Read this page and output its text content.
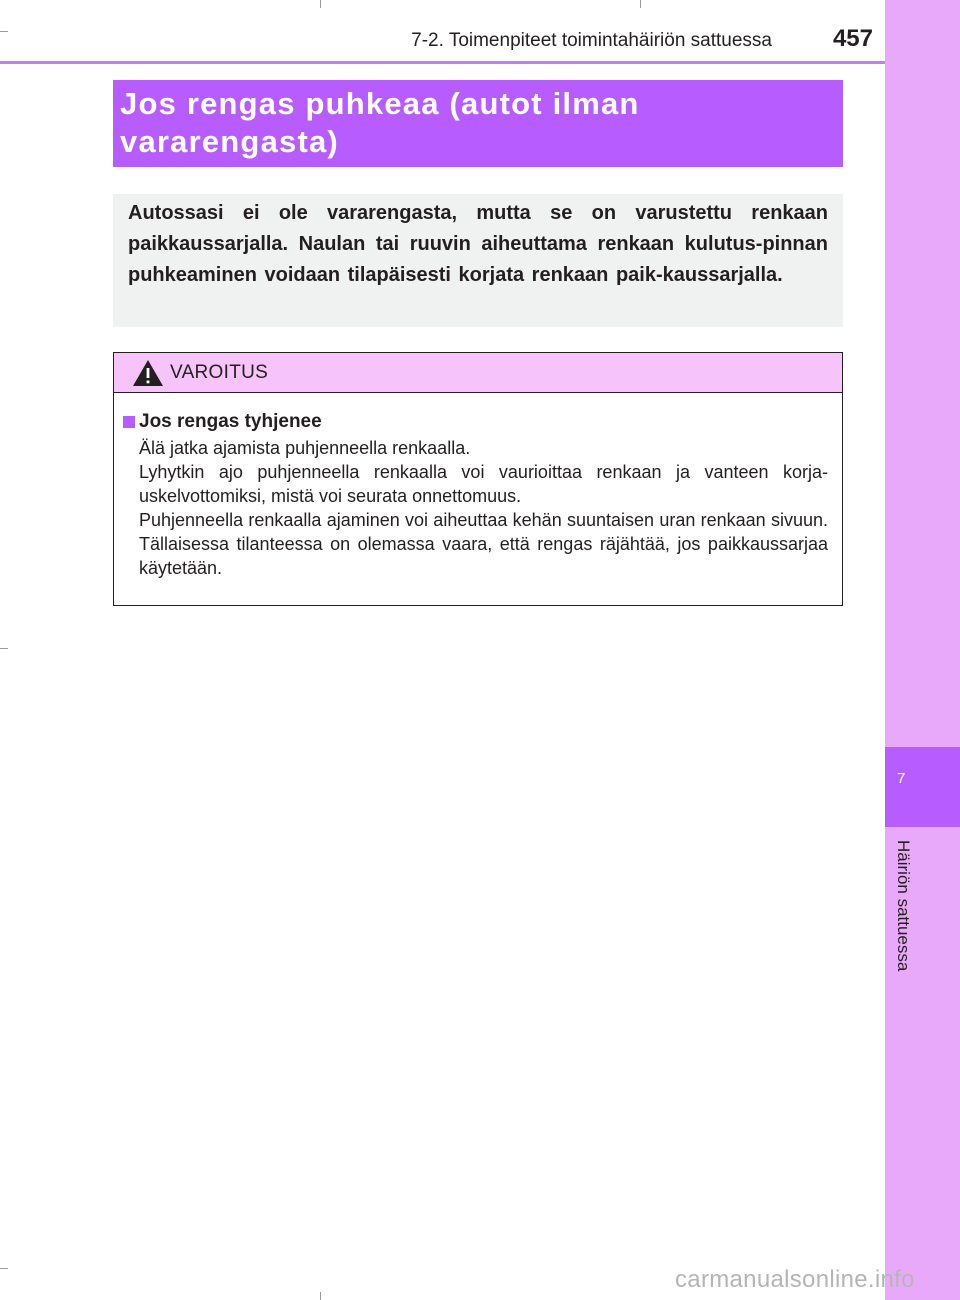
7
Häiriön sattuessa
7-2. Toimenpiteet toimintahäiriön sattuessa	457

Jos rengas puhkeaa (autot ilman

vararengasta)

Autossasi ei ole vararengasta, mutta se on varustettu renkaan paikkaussarjalla. Naulan tai ruuvin aiheuttama renkaan kulutus-pinnan puhkeaminen voidaan tilapäisesti korjata renkaan paik-kaussarjalla.

VAROITUS
Jos rengas tyhjenee

Älä jatka ajamista puhjenneella renkaalla.

Lyhytkin ajo puhjenneella renkaalla voi vaurioittaa renkaan ja vanteen korja-uskelvottomiksi, mistä voi seurata onnettomuus.

Puhjenneella renkaalla ajaminen voi aiheuttaa kehän suuntaisen uran renkaan sivuun. Tällaisessa tilanteessa on olemassa vaara, että rengas räjähtää, jos paikkaussarjaa käytetään.

carmanualsonline.info
